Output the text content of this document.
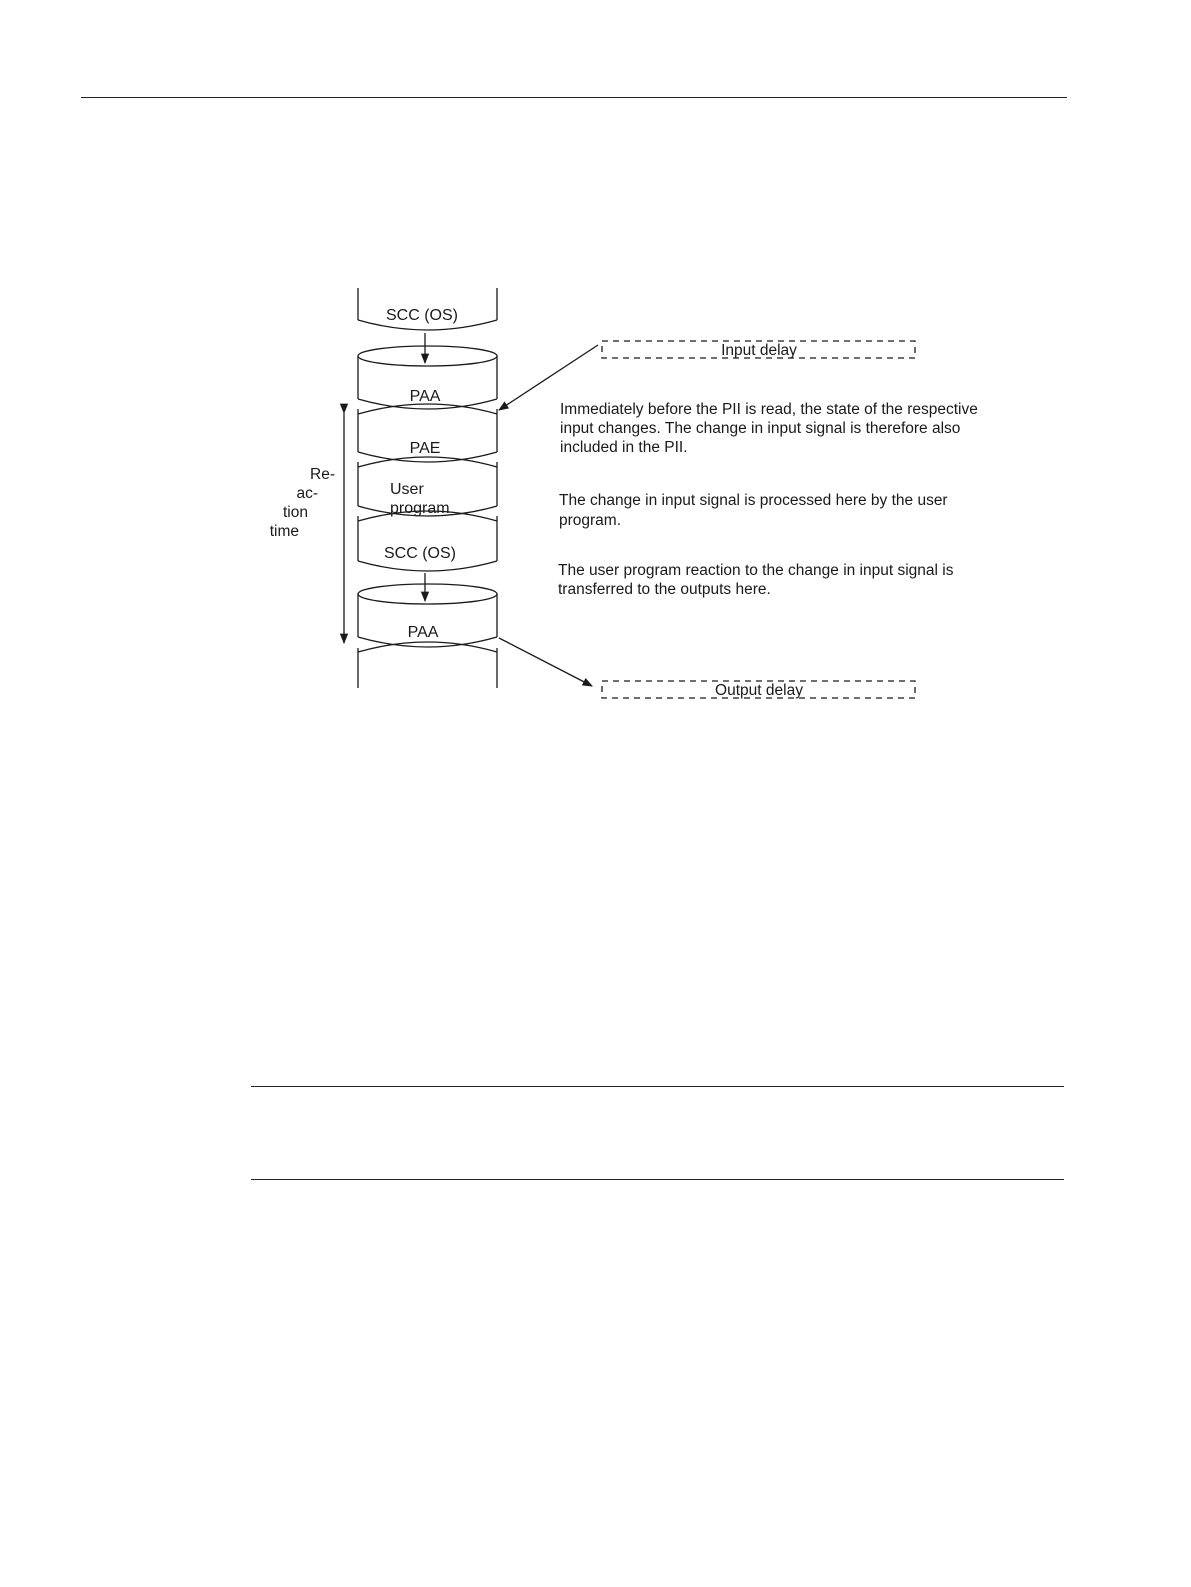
SCC (OS)
PAA
PAE
User
program
SCC (OS)
PAA
Re-
ac-
tion
time
Input delay
Output delay
Immediately before the PII is read, the state of the respective
input changes. The change in input signal is therefore also
included in the PII.
The change in input signal is processed here by the user
program.
The user program reaction to the change in input signal is
transferred to the outputs here.
